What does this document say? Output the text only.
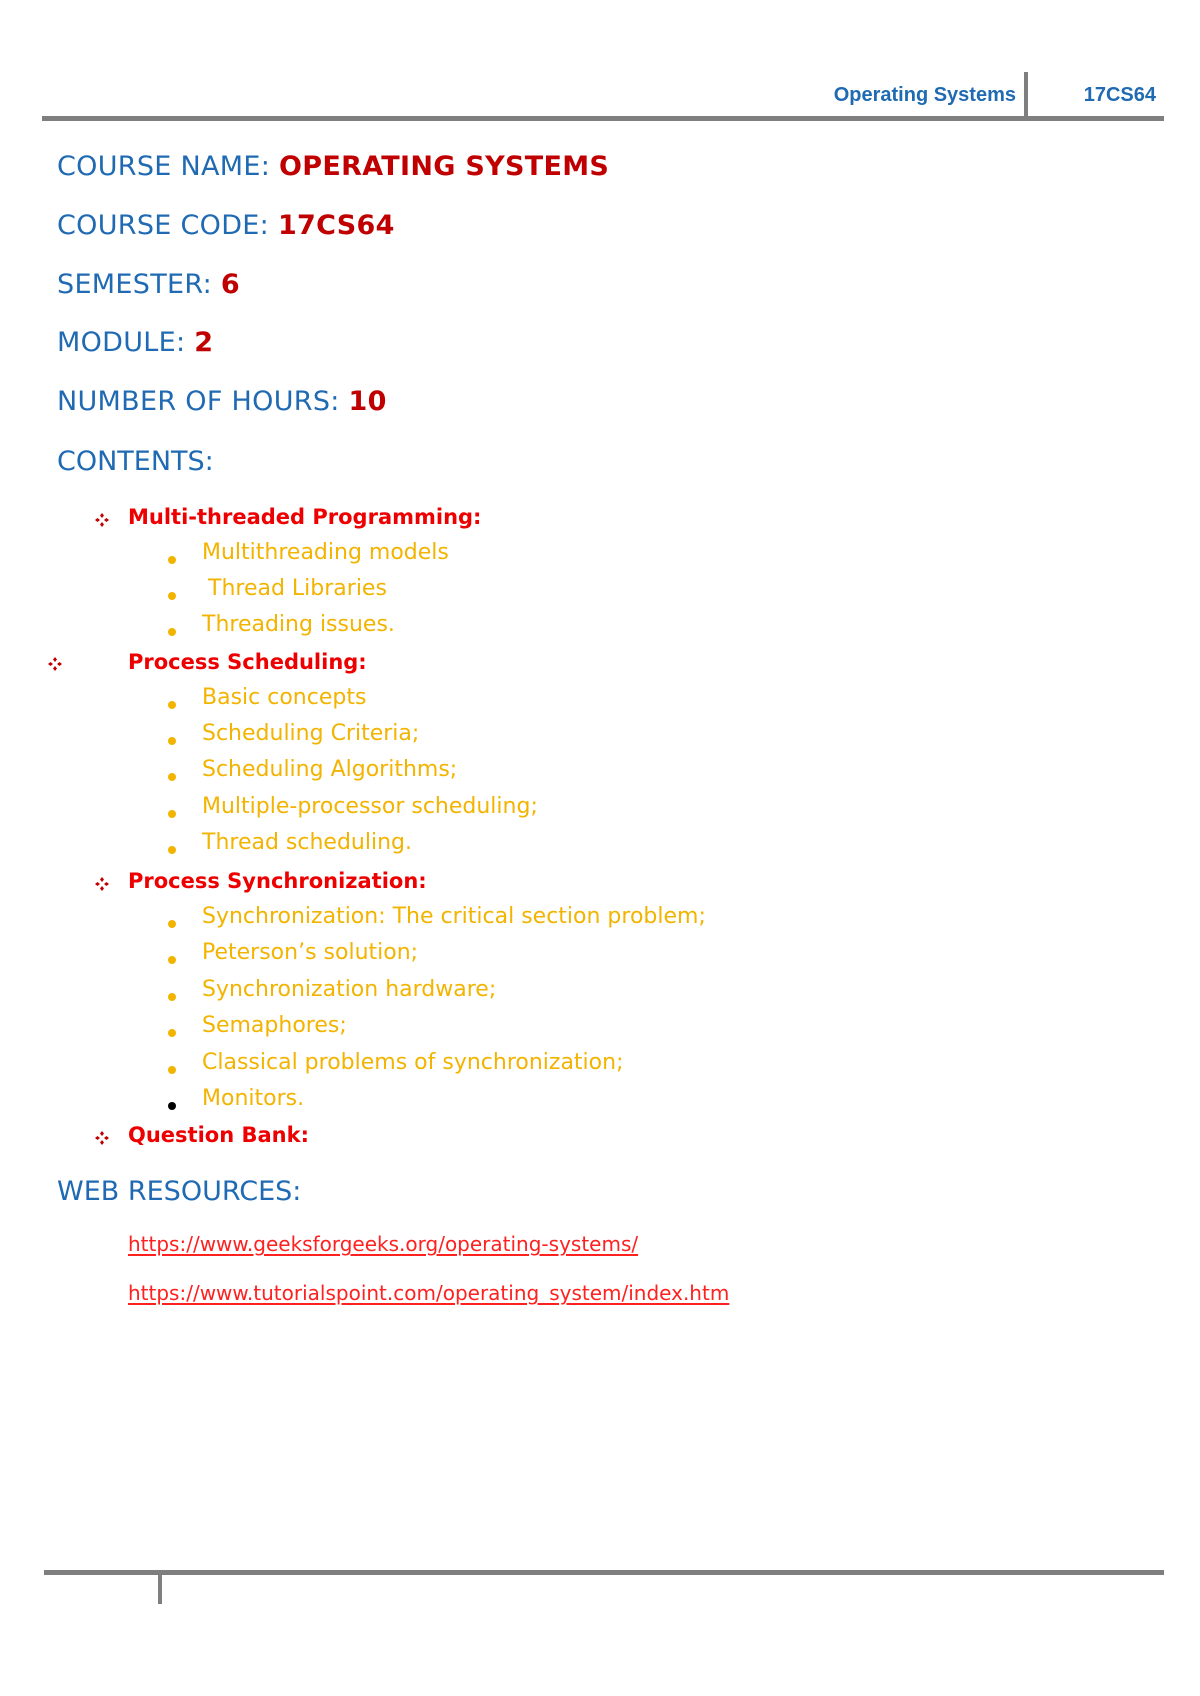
Operating Systems	17CS64
COURSE NAME: OPERATING SYSTEMS
COURSE CODE: 17CS64
SEMESTER: 6
MODULE: 2
NUMBER OF HOURS: 10
CONTENTS:
Multi-threaded Programming:
Multithreading models
Thread Libraries
Threading issues.
Process Scheduling:
Basic concepts
Scheduling Criteria;
Scheduling Algorithms;
Multiple-processor scheduling;
Thread scheduling.
Process Synchronization:
Synchronization: The critical section problem;
Peterson’s solution;
Synchronization hardware;
Semaphores;
Classical problems of synchronization;
Monitors.
Question Bank:
WEB RESOURCES:
https://www.geeksforgeeks.org/operating-systems/
https://www.tutorialspoint.com/operating_system/index.htm
